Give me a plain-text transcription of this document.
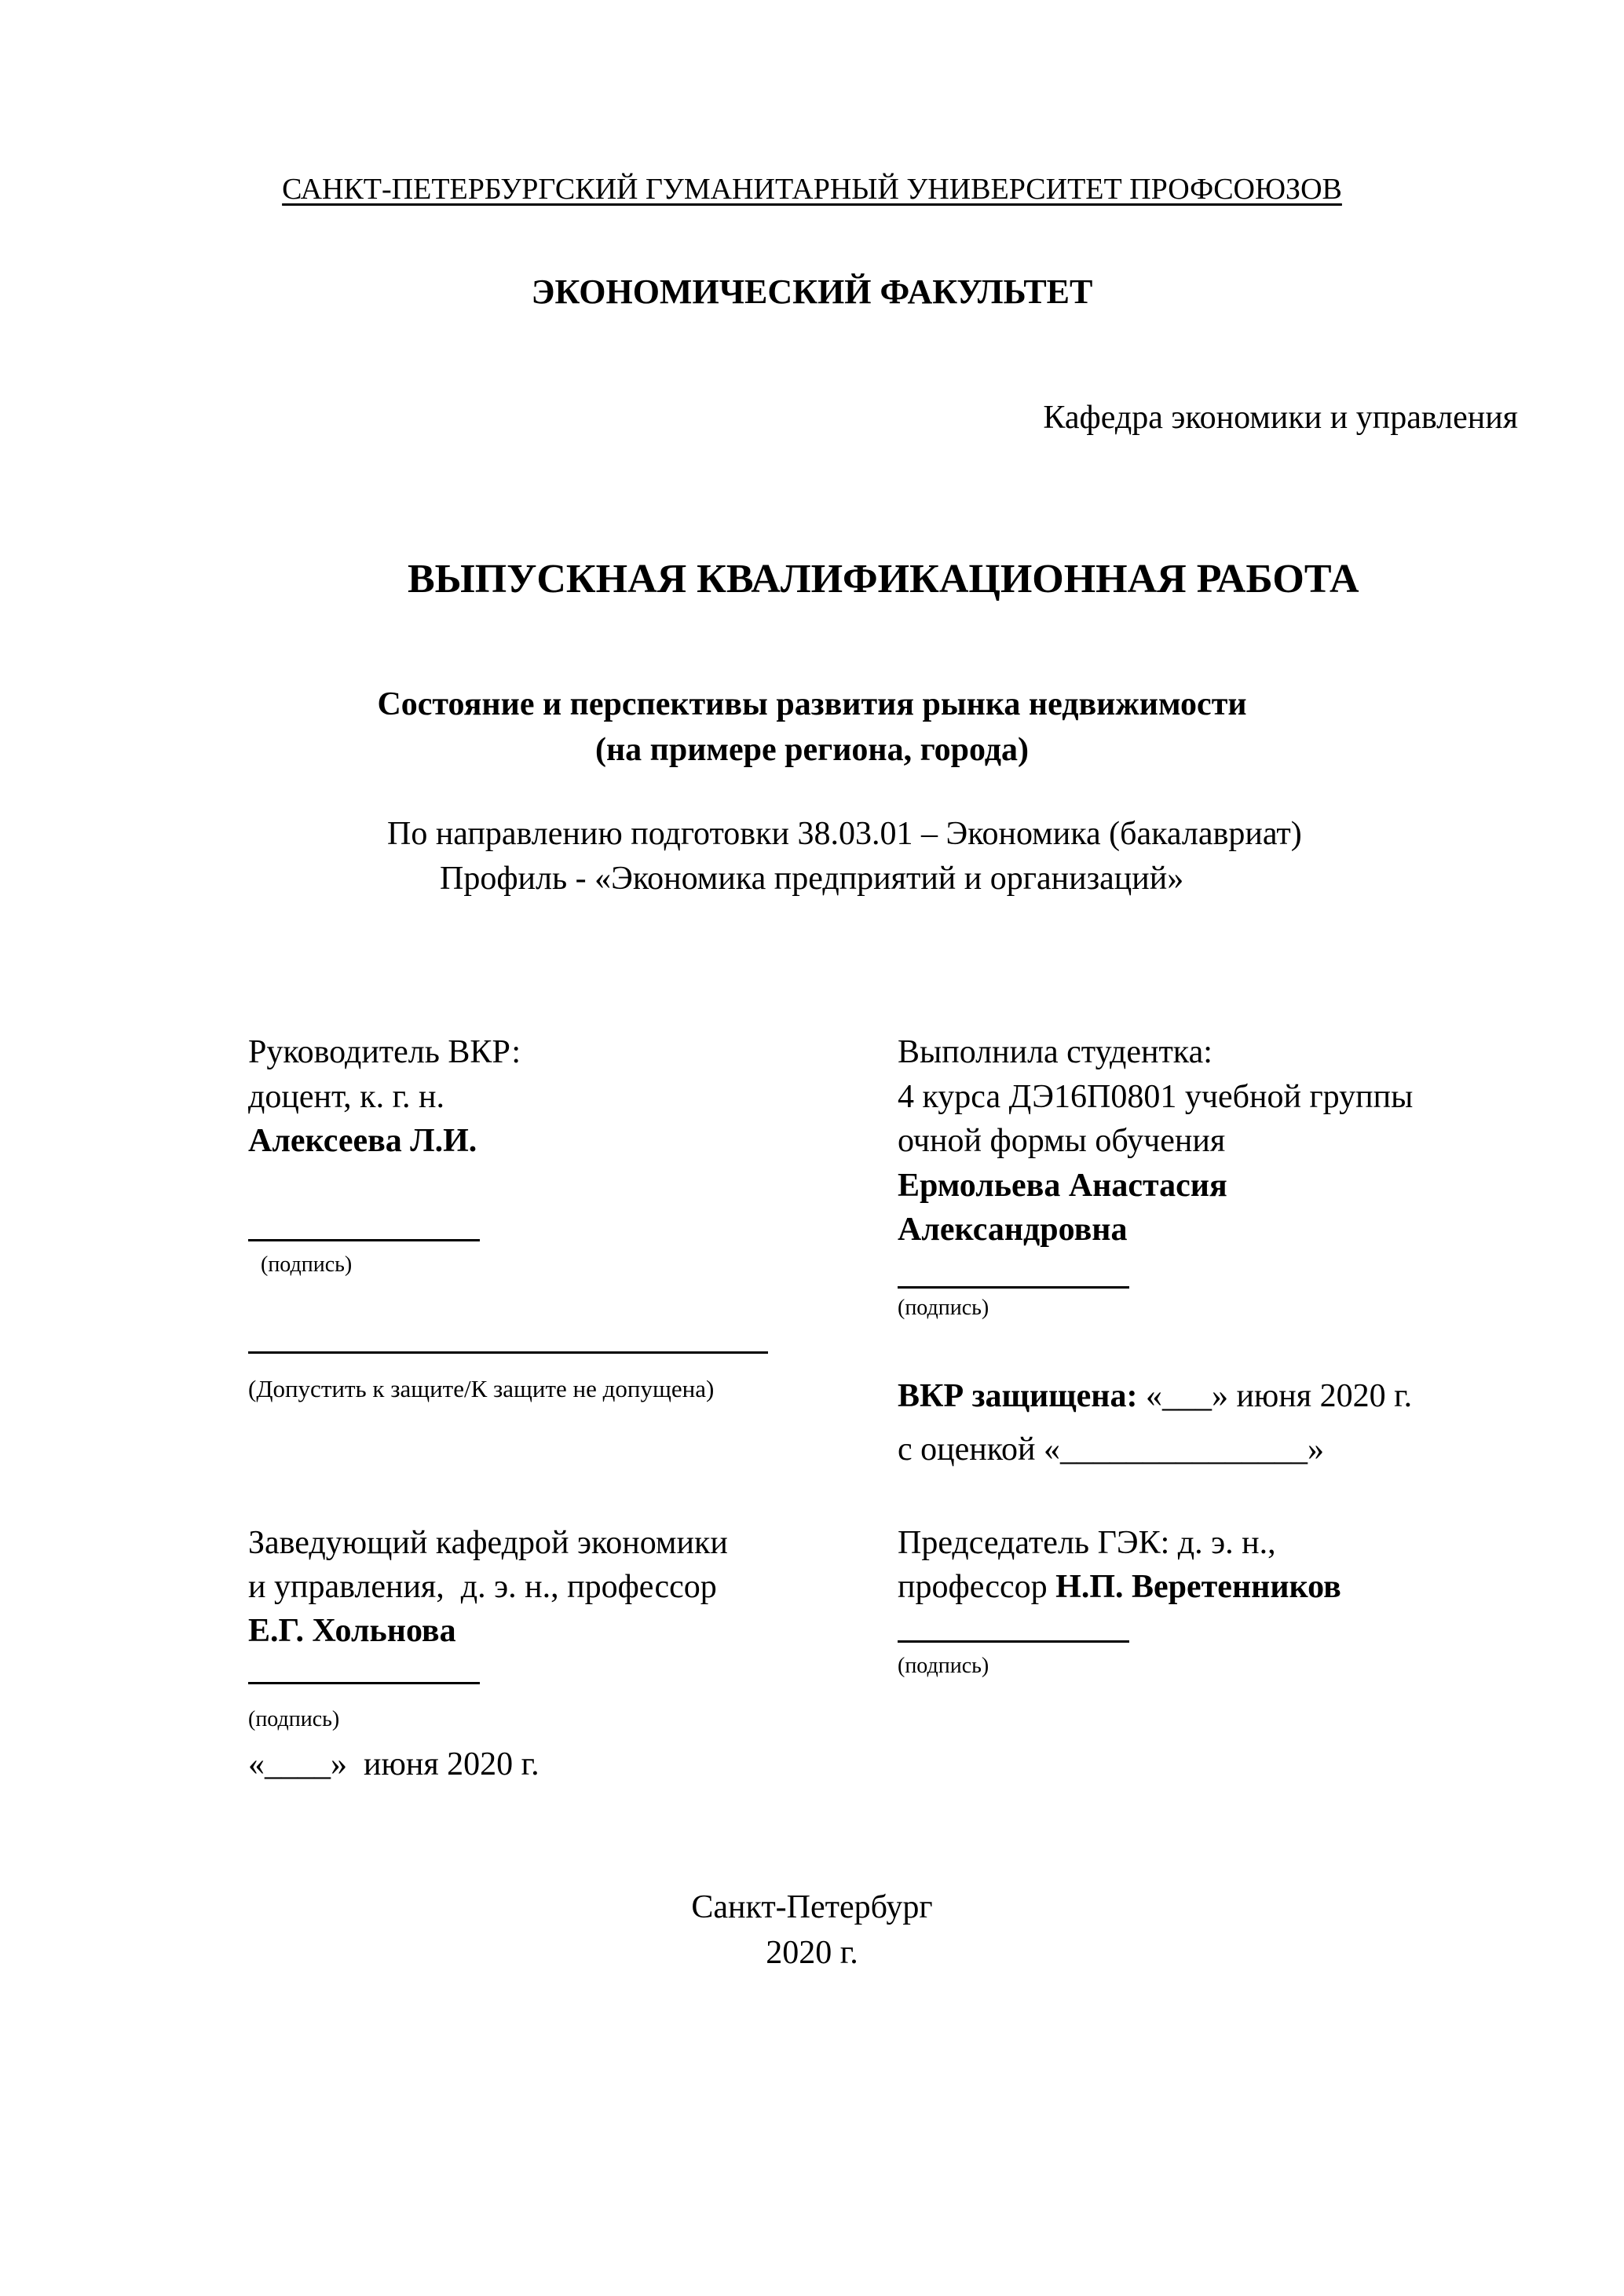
САНКТ-ПЕТЕРБУРГСКИЙ ГУМАНИТАРНЫЙ УНИВЕРСИТЕТ ПРОФСОЮЗОВ
ЭКОНОМИЧЕСКИЙ ФАКУЛЬТЕТ
Кафедра экономики и управления
ВЫПУСКНАЯ КВАЛИФИКАЦИОННАЯ РАБОТА
Состояние и перспективы развития рынка недвижимости
(на примере региона, города)
По направлению подготовки 38.03.01 – Экономика (бакалавриат)
Профиль - «Экономика предприятий и организаций»
Руководитель ВКР:
доцент, к. г. н.
Алексеева Л.И.
(подпись)
(Допустить к защите/К защите не допущена)
Заведующий кафедрой экономики
и управления,  д. э. н., профессор
Е.Г. Хольнова
(подпись)
«____»  июня 2020 г.
Выполнила студентка:
4 курса ДЭ16П0801 учебной группы
очной формы обучения
Ермольева Анастасия
Александровна
(подпись)
ВКР защищена: «___» июня 2020 г.
с оценкой «_______________»
Председатель ГЭК: д. э. н.,
профессор Н.П. Веретенников
(подпись)
Санкт-Петербург
2020 г.
